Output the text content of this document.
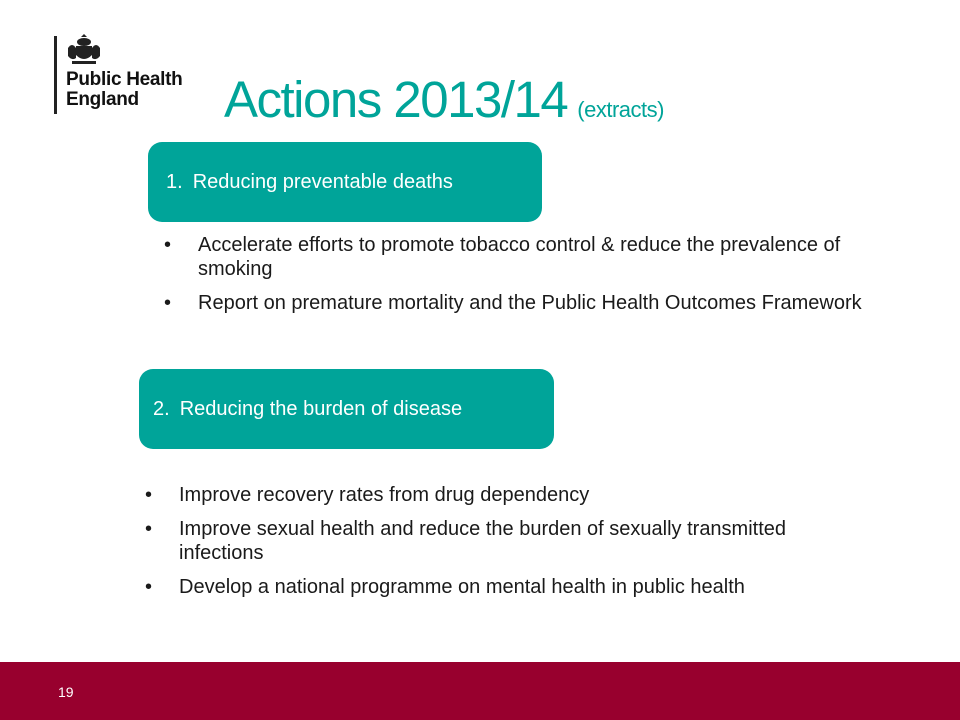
Public Health
England	Actions 2013/14 (extracts)
1. Reducing preventable deaths
• Accelerate efforts to promote tobacco control & reduce the prevalence of smoking
• Report on premature mortality and the Public Health Outcomes Framework
2. Reducing the burden of disease
• Improve recovery rates from drug dependency
• Improve sexual health and reduce the burden of sexually transmitted infections
• Develop a national programme on mental health in public health
19
